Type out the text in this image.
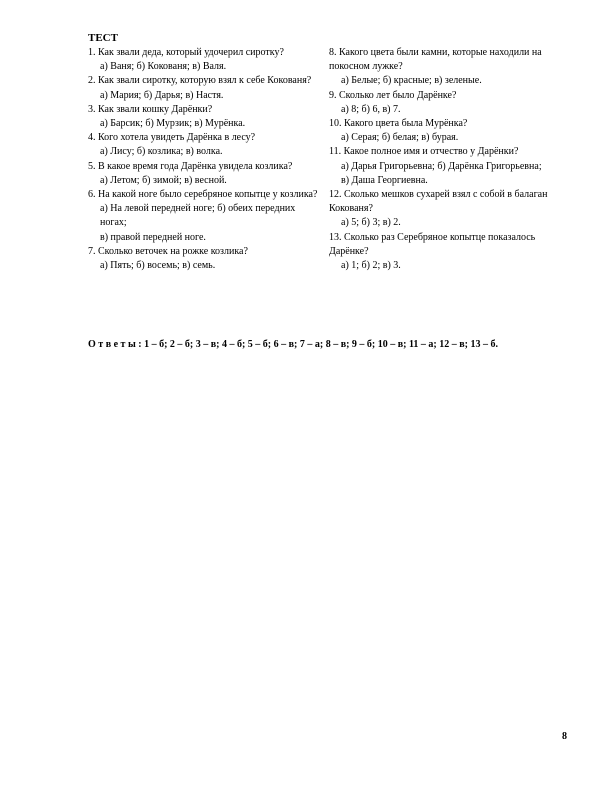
ТЕСТ

1. Как звали деда, который удочерил сиротку?

а) Ваня; б) Кокованя; в) Валя.

2. Как звали сиротку, которую взял к себе Кокованя?

а) Мария; б) Дарья; в) Настя.

3. Как звали кошку Дарёнки?

а) Барсик; б) Мурзик; в) Мурёнка.

4. Кого хотела увидеть Дарёнка в лесу?

а) Лису; б) козлика; в) волка.

5. В какое время года Дарёнка увидела козлика?

а) Летом; б) зимой; в) весной.

6. На какой ноге было серебряное копытце у козлика?

а) На левой передней ноге; б) обеих передних ногах;

в) правой передней ноге.

7. Сколько веточек на рожке козлика?

а) Пять; б) восемь; в) семь.

8. Какого цвета были камни, которые находили на покосном лужке?

а) Белые; б) красные; в) зеленые.

9. Сколько лет было Дарёнке?

а) 8; б) 6, в) 7.

10. Какого цвета была Мурёнка?

а) Серая; б) белая; в) бурая.

11. Какое полное имя и отчество у Дарёнки?

а) Дарья Григорьевна; б) Дарёнка Григорьевна;

в) Даша Георгиевна.

12. Сколько мешков сухарей взял с собой в балаган Кокованя?

а) 5; б) 3; в) 2.

13. Сколько раз Серебряное копытце показалось Дарёнке?

а) 1; б) 2; в) 3.

О т в е т ы : 1 – б; 2 – б; 3 – в; 4 – б; 5 – б; 6 – в; 7 – а; 8 – в; 9 – б; 10 – в; 11 – а; 12 – в; 13 – б.
8
